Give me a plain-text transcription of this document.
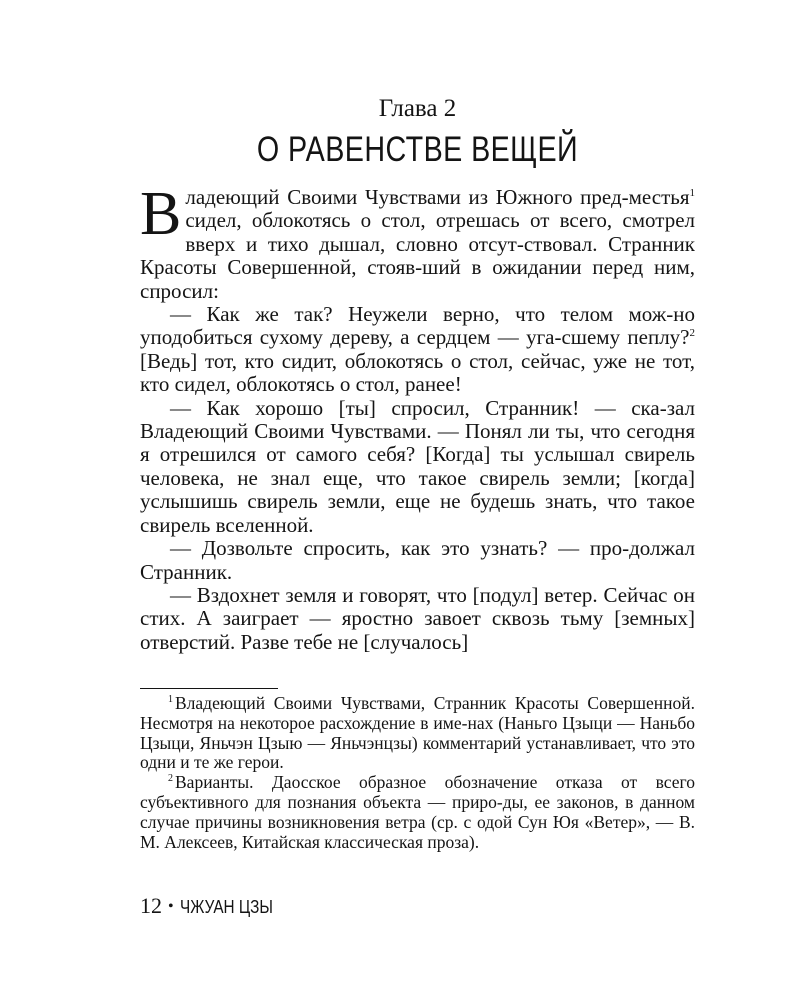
Глава 2
О РАВЕНСТВЕ ВЕЩЕЙ

Владеющий Своими Чувствами из Южного пред-местья$^1$ сидел, облокотясь о стол, отрешась от всего, смотрел вверх и тихо дышал, словно отсут-ствовал. Странник Красоты Совершенной, стояв-ший в ожидании перед ним, спросил:

— Как же так? Неужели верно, что телом мож-но уподобиться сухому дереву, а сердцем — уга-сшему пеплу?$^2$ [Ведь] тот, кто сидит, облокотясь о стол, сейчас, уже не тот, кто сидел, облокотясь о стол, ранее!

— Как хорошо [ты] спросил, Странник! — ска-зал Владеющий Своими Чувствами. — Понял ли ты, что сегодня я отрешился от самого себя? [Когда] ты услышал свирель человека, не знал еще, что такое свирель земли; [когда] услышишь свирель земли, еще не будешь знать, что такое свирель вселенной.

— Дозвольте спросить, как это узнать? — про-должал Странник.

— Вздохнет земля и говорят, что [подул] ветер. Сейчас он стих. А заиграет — яростно завоет сквозь тьму [земных] отверстий. Разве тебе не [случалось]

$^1$ Владеющий Своими Чувствами, Странник Красоты Совершенной. Несмотря на некоторое расхождение в име-нах (Наньго Цзыци — Наньбо Цзыци, Яньчэн Цзыю — Яньчэнцзы) комментарий устанавливает, что это одни и те же герои.

$^2$ Варианты. Даосское образное обозначение отказа от всего субъективного для познания объекта — приро-ды, ее законов, в данном случае причины возникновения ветра (ср. с одой Сун Юя «Ветер», — В. М. Алексеев, Китайская классическая проза).

12 • ЧЖУАН ЦЗЫ
